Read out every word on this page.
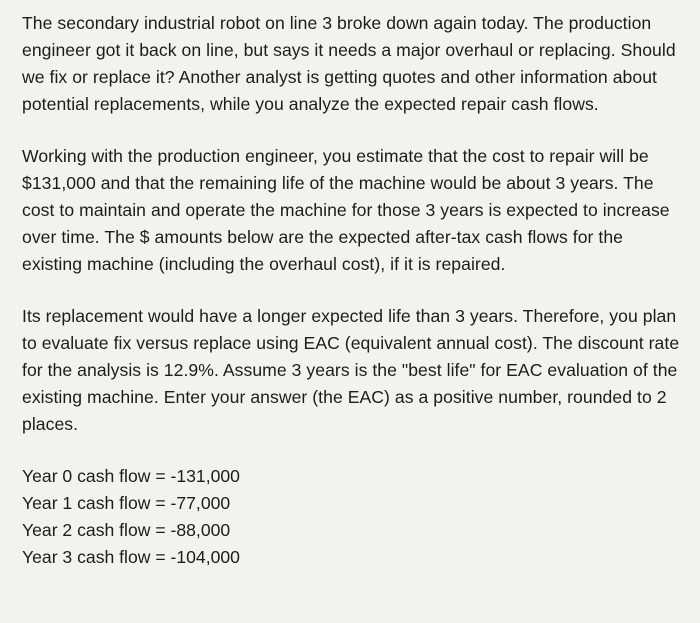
The secondary industrial robot on line 3 broke down again today. The production engineer got it back on line, but says it needs a major overhaul or replacing. Should we fix or replace it? Another analyst is getting quotes and other information about potential replacements, while you analyze the expected repair cash flows.

Working with the production engineer, you estimate that the cost to repair will be $131,000 and that the remaining life of the machine would be about 3 years. The cost to maintain and operate the machine for those 3 years is expected to increase over time. The $ amounts below are the expected after-tax cash flows for the existing machine (including the overhaul cost), if it is repaired.

Its replacement would have a longer expected life than 3 years. Therefore, you plan to evaluate fix versus replace using EAC (equivalent annual cost). The discount rate for the analysis is 12.9%. Assume 3 years is the "best life" for EAC evaluation of the existing machine. Enter your answer (the EAC) as a positive number, rounded to 2 places.

Year 0 cash flow = -131,000
Year 1 cash flow = -77,000
Year 2 cash flow = -88,000
Year 3 cash flow = -104,000
